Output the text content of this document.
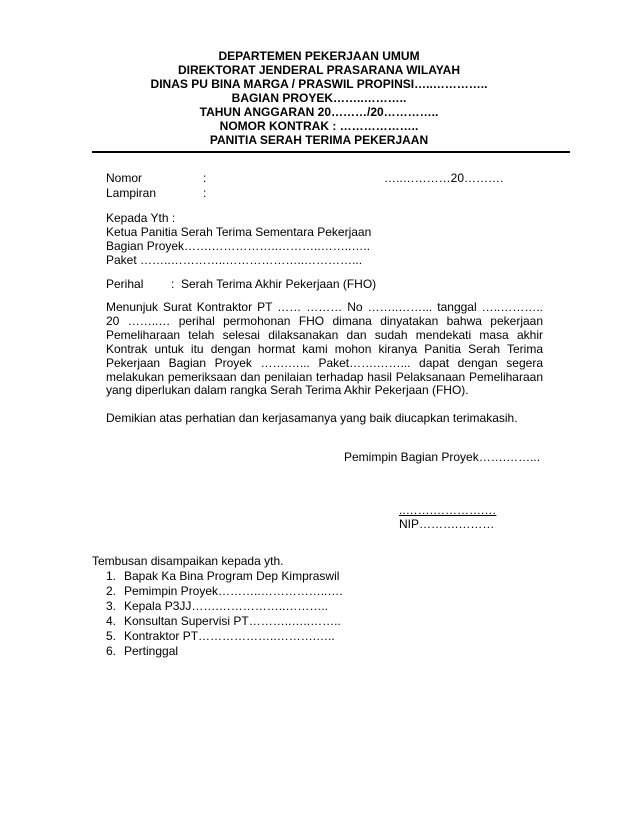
DEPARTEMEN PEKERJAAN UMUM
DIREKTORAT JENDERAL PRASARANA WILAYAH
DINAS PU BINA MARGA / PRASWIL PROPINSI…..…………..
BAGIAN PROYEK……..………..
TAHUN ANGGARAN 20………/20…………..
NOMOR KONTRAK : ………………..
PANITIA SERAH TERIMA PEKERJAAN
Nomor	:	…..…………20……….
Lampiran	:
Kepada Yth :
Ketua Panitia Serah Terima Sementara Pekerjaan
Bagian Proyek…….……………..………..……..…..
Paket ……..…………..………………..…………...
Perihal : Serah Terima Akhir Pekerjaan (FHO)
Menunjuk Surat Kontraktor PT …… ……… No ……..……... tanggal …..……….. 20 ……..… perihal permohonan FHO dimana dinyatakan bahwa pekerjaan Pemeliharaan telah selesai dilaksanakan dan sudah mendekati masa akhir Kontrak untuk itu dengan hormat kami mohon kiranya Panitia Serah Terima Pekerjaan Bagian Proyek …….…... Paket…….……... dapat dengan segera melakukan pemeriksaan dan penilaian terhadap hasil Pelaksanaan Pemeliharaan yang diperlukan dalam rangka Serah Terima Akhir Pekerjaan (FHO).
Demikian atas perhatian dan kerjasamanya yang baik diucapkan terimakasih.
Pemimpin Bagian Proyek…….……...
..…….………….…
NIP……….………
Tembusan disampaikan kepada yth.
1. Bapak Ka Bina Program Dep Kimpraswil
2. Pemimpin Proyek………..……………..….
3. Kepala P3JJ…….……………..………..
4. Konsultan Supervisi PT………..…..……..
5. Kontraktor PT………………..……….…..
6. Pertinggal
